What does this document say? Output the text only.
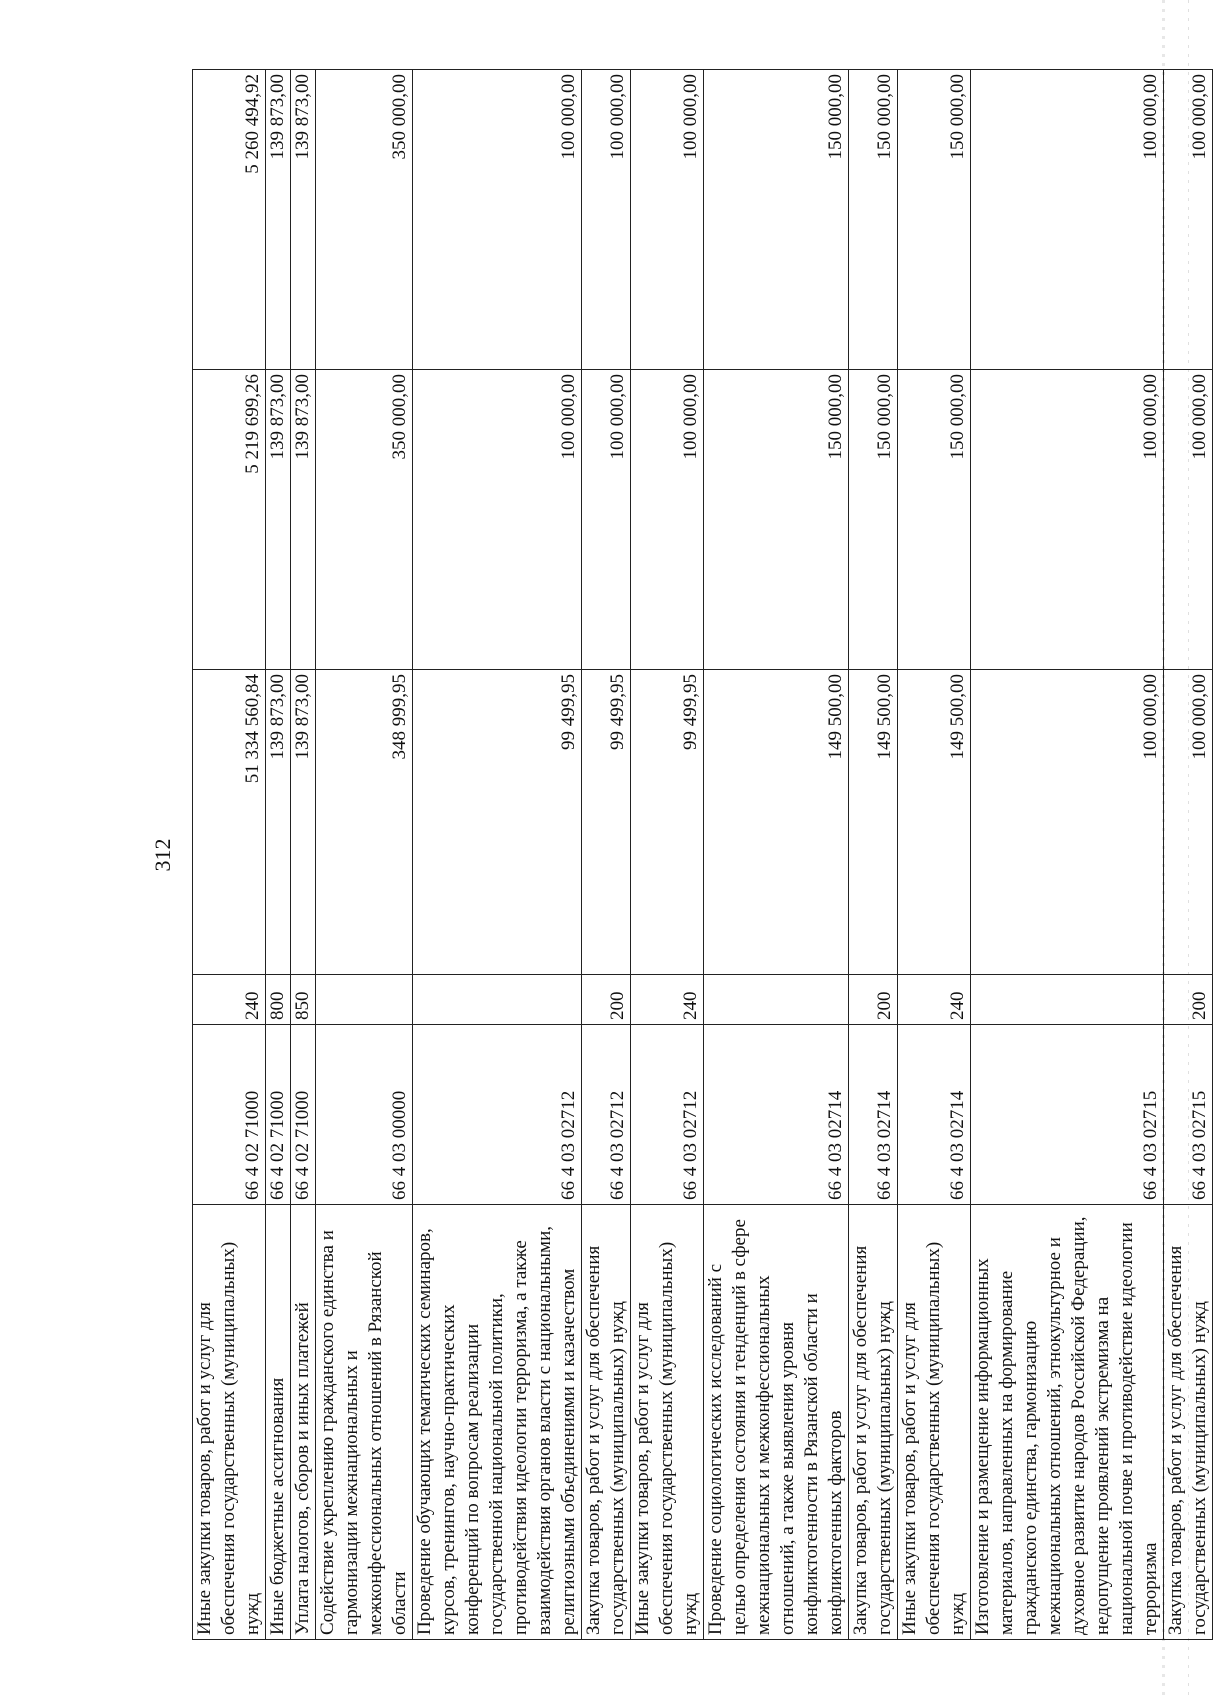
312
Иные закупки товаров, работ и услуг для обеспечения государственных (муниципальных) нужд	66 4 02 71000	240	51 334 560,84	5 219 699,26	5 260 494,92
Иные бюджетные ассигнования	66 4 02 71000	800	139 873,00	139 873,00	139 873,00
Уплата налогов, сборов и иных платежей	66 4 02 71000	850	139 873,00	139 873,00	139 873,00
Содействие укреплению гражданского единства и гармонизации межнациональных и межконфессиональных отношений в Рязанской области	66 4 03 00000		348 999,95	350 000,00	350 000,00
Проведение обучающих тематических семинаров, курсов, тренингов, научно-практических конференций по вопросам реализации государственной национальной политики, противодействия идеологии терроризма, а также взаимодействия органов власти с национальными, религиозными объединениями и казачеством	66 4 03 02712		99 499,95	100 000,00	100 000,00
Закупка товаров, работ и услуг для обеспечения государственных (муниципальных) нужд	66 4 03 02712	200	99 499,95	100 000,00	100 000,00
Иные закупки товаров, работ и услуг для обеспечения государственных (муниципальных) нужд	66 4 03 02712	240	99 499,95	100 000,00	100 000,00
Проведение социологических исследований с целью определения состояния и тенденций в сфере межнациональных и межконфессиональных отношений, а также выявления уровня конфликтогенности в Рязанской области и конфликтогенных факторов	66 4 03 02714		149 500,00	150 000,00	150 000,00
Закупка товаров, работ и услуг для обеспечения государственных (муниципальных) нужд	66 4 03 02714	200	149 500,00	150 000,00	150 000,00
Иные закупки товаров, работ и услуг для обеспечения государственных (муниципальных) нужд	66 4 03 02714	240	149 500,00	150 000,00	150 000,00
Изготовление и размещение информационных материалов, направленных на формирование гражданского единства, гармонизацию межнациональных отношений, этнокультурное и духовное развитие народов Российской Федерации, недопущение проявлений экстремизма на национальной почве и противодействие идеологии терроризма	66 4 03 02715		100 000,00	100 000,00	100 000,00
Закупка товаров, работ и услуг для обеспечения государственных (муниципальных) нужд	66 4 03 02715	200	100 000,00	100 000,00	100 000,00
